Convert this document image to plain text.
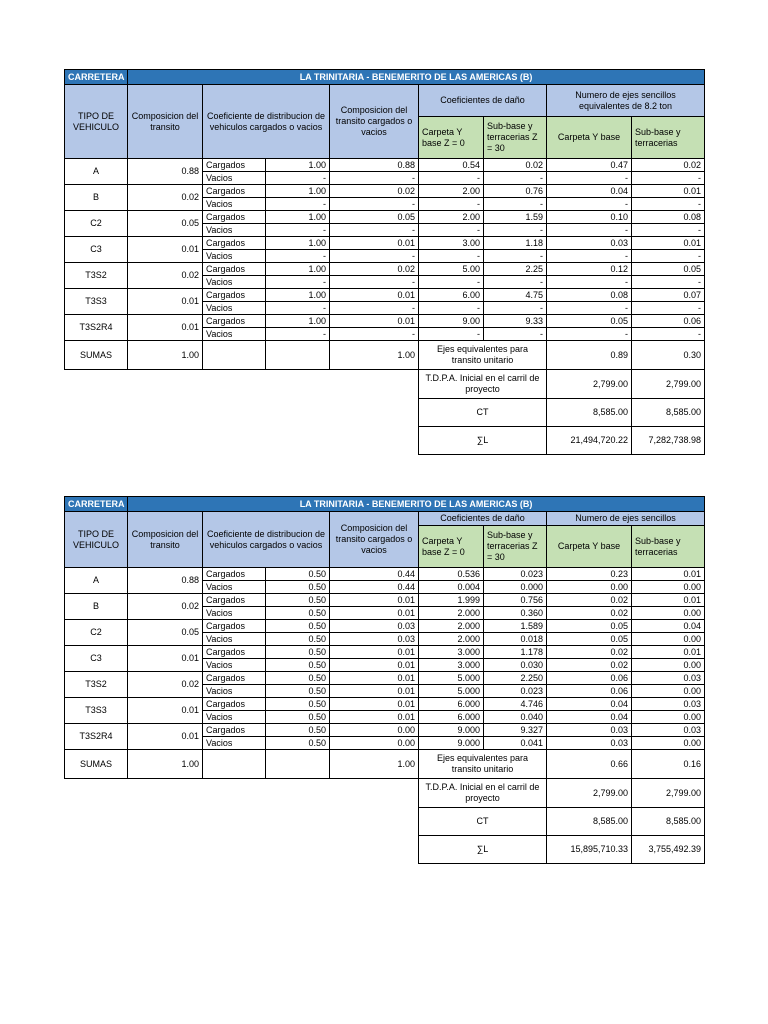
CARRETERA	LA TRINITARIA - BENEMERITO DE LAS AMERICAS (B)							
TIPO DE VEHICULO	Composicion del transito	Coeficiente de distribucion de vehiculos cargados o vacios		Composicion del transito cargados o vacios	Coeficientes de daño		Numero de ejes sencillos equivalentes de 8.2 ton	
					Carpeta Y base Z = 0	Sub-base y terracerias Z = 30	Carpeta Y base	Sub-base y terracerias
A	0.88	Cargados	1.00	0.88	0.54	0.02	0.47	0.02
		Vacios	-	-	-	-	-	-
B	0.02	Cargados	1.00	0.02	2.00	0.76	0.04	0.01
		Vacios	-	-	-	-	-	-
C2	0.05	Cargados	1.00	0.05	2.00	1.59	0.10	0.08
		Vacios	-	-	-	-	-	-
C3	0.01	Cargados	1.00	0.01	3.00	1.18	0.03	0.01
		Vacios	-	-	-	-	-	-
T3S2	0.02	Cargados	1.00	0.02	5.00	2.25	0.12	0.05
		Vacios	-	-	-	-	-	-
T3S3	0.01	Cargados	1.00	0.01	6.00	4.75	0.08	0.07
		Vacios	-	-	-	-	-	-
T3S2R4	0.01	Cargados	1.00	0.01	9.00	9.33	0.05	0.06
		Vacios	-	-	-	-	-	-
SUMAS	1.00			1.00	Ejes equivalentes para transito unitario		0.89	0.30
					T.D.P.A. Inicial en el carril de proyecto		2,799.00	2,799.00
					CT		8,585.00	8,585.00
					∑L		21,494,720.22	7,282,738.98
CARRETERA	LA TRINITARIA - BENEMERITO DE LAS AMERICAS (B)							
TIPO DE VEHICULO	Composicion del transito	Coeficiente de distribucion de vehiculos cargados o vacios		Composicion del transito cargados o vacios	Coeficientes de daño		Numero de ejes sencillos	
					Carpeta Y base Z = 0	Sub-base y terracerias Z = 30	Carpeta Y base	Sub-base y terracerias
A	0.88	Cargados	0.50	0.44	0.536	0.023	0.23	0.01
		Vacios	0.50	0.44	0.004	0.000	0.00	0.00
B	0.02	Cargados	0.50	0.01	1.999	0.756	0.02	0.01
		Vacios	0.50	0.01	2.000	0.360	0.02	0.00
C2	0.05	Cargados	0.50	0.03	2.000	1.589	0.05	0.04
		Vacios	0.50	0.03	2.000	0.018	0.05	0.00
C3	0.01	Cargados	0.50	0.01	3.000	1.178	0.02	0.01
		Vacios	0.50	0.01	3.000	0.030	0.02	0.00
T3S2	0.02	Cargados	0.50	0.01	5.000	2.250	0.06	0.03
		Vacios	0.50	0.01	5.000	0.023	0.06	0.00
T3S3	0.01	Cargados	0.50	0.01	6.000	4.746	0.04	0.03
		Vacios	0.50	0.01	6.000	0.040	0.04	0.00
T3S2R4	0.01	Cargados	0.50	0.00	9.000	9.327	0.03	0.03
		Vacios	0.50	0.00	9.000	0.041	0.03	0.00
SUMAS	1.00			1.00	Ejes equivalentes para transito unitario		0.66	0.16
					T.D.P.A. Inicial en el carril de proyecto		2,799.00	2,799.00
					CT		8,585.00	8,585.00
					∑L		15,895,710.33	3,755,492.39
